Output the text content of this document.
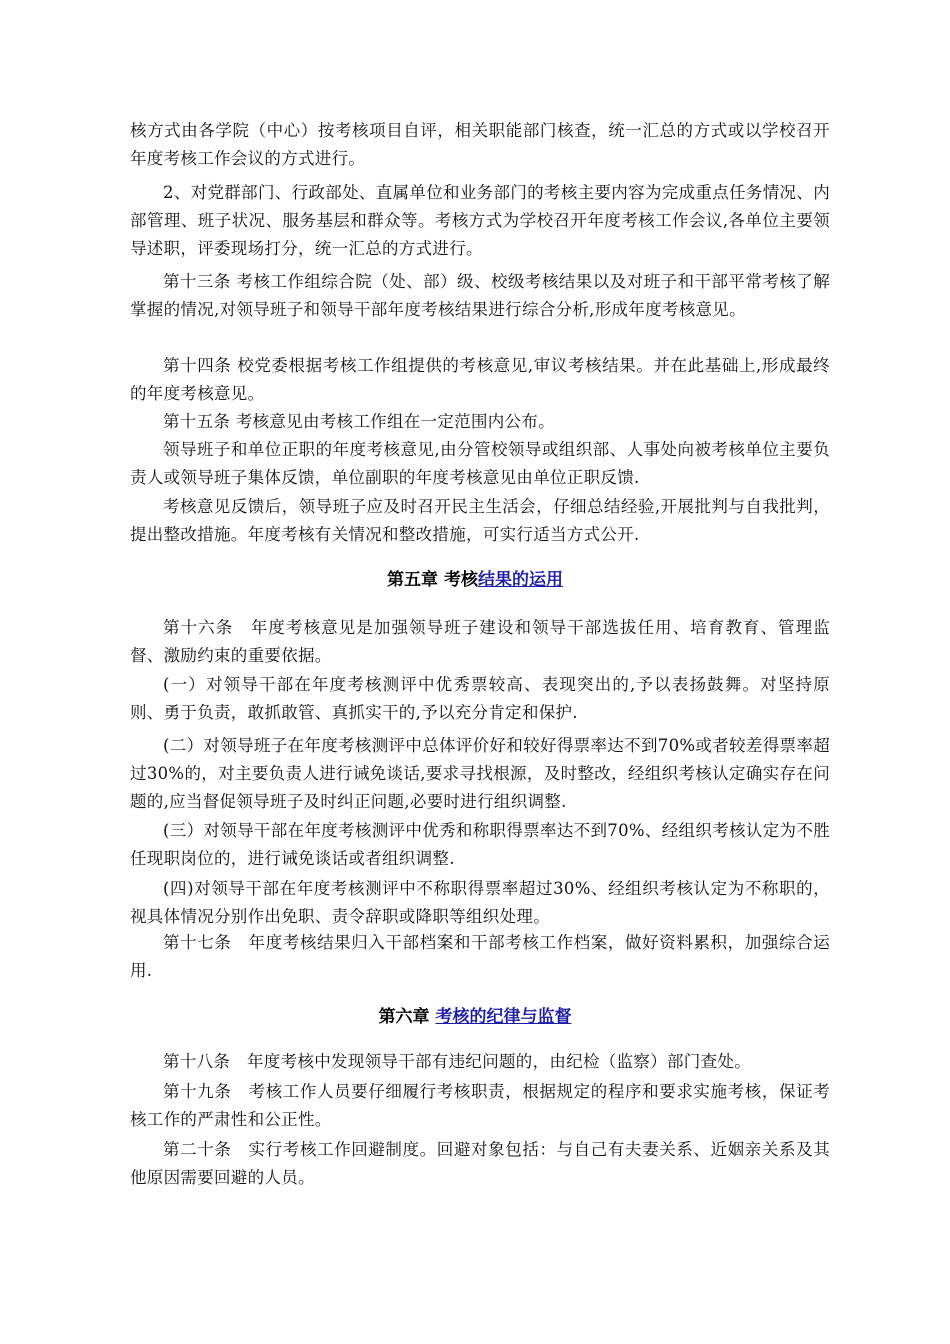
核方式由各学院（中心）按考核项目自评，相关职能部门核查，统一汇总的方式或以学校召开年度考核工作会议的方式进行。

2、对党群部门、行政部处、直属单位和业务部门的考核主要内容为完成重点任务情况、内部管理、班子状况、服务基层和群众等。考核方式为学校召开年度考核工作会议,各单位主要领导述职，评委现场打分，统一汇总的方式进行。

第十三条 考核工作组综合院（处、部）级、校级考核结果以及对班子和干部平常考核了解掌握的情况,对领导班子和领导干部年度考核结果进行综合分析,形成年度考核意见。

第十四条 校党委根据考核工作组提供的考核意见,审议考核结果。并在此基础上,形成最终的年度考核意见。

第十五条 考核意见由考核工作组在一定范围内公布。

领导班子和单位正职的年度考核意见,由分管校领导或组织部、人事处向被考核单位主要负责人或领导班子集体反馈，单位副职的年度考核意见由单位正职反馈.

考核意见反馈后，领导班子应及时召开民主生活会，仔细总结经验,开展批判与自我批判，提出整改措施。年度考核有关情况和整改措施，可实行适当方式公开.

第五章 考核结果的运用

第十六条　年度考核意见是加强领导班子建设和领导干部选拔任用、培育教育、管理监督、激励约束的重要依据。

(一）对领导干部在年度考核测评中优秀票较高、表现突出的,予以表扬鼓舞。对坚持原则、勇于负责，敢抓敢管、真抓实干的,予以充分肯定和保护.

(二）对领导班子在年度考核测评中总体评价好和较好得票率达不到70%或者较差得票率超过30%的，对主要负责人进行诫免谈话,要求寻找根源，及时整改，经组织考核认定确实存在问题的,应当督促领导班子及时纠正问题,必要时进行组织调整.

(三）对领导干部在年度考核测评中优秀和称职得票率达不到70%、经组织考核认定为不胜任现职岗位的，进行诫免谈话或者组织调整.

(四)对领导干部在年度考核测评中不称职得票率超过30%、经组织考核认定为不称职的，视具体情况分别作出免职、责令辞职或降职等组织处理。

第十七条　年度考核结果归入干部档案和干部考核工作档案，做好资料累积，加强综合运用.

第六章 考核的纪律与监督

第十八条　年度考核中发现领导干部有违纪问题的，由纪检（监察）部门查处。

第十九条　考核工作人员要仔细履行考核职责，根据规定的程序和要求实施考核，保证考核工作的严肃性和公正性。

第二十条　实行考核工作回避制度。回避对象包括：与自己有夫妻关系、近姻亲关系及其他原因需要回避的人员。
